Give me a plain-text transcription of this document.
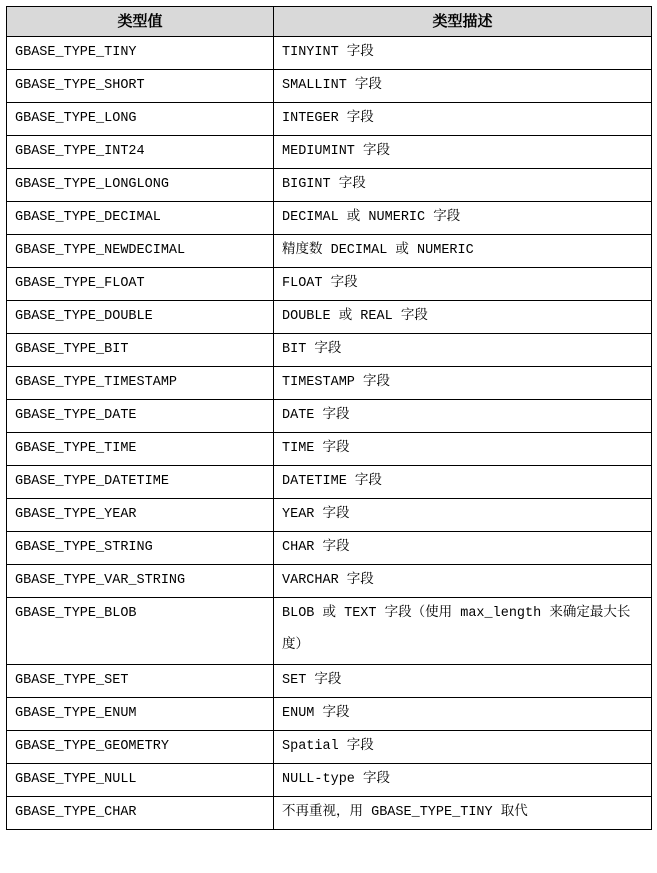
类型值	类型描述
GBASE_TYPE_TINY	TINYINT 字段
GBASE_TYPE_SHORT	SMALLINT 字段
GBASE_TYPE_LONG	INTEGER 字段
GBASE_TYPE_INT24	MEDIUMINT 字段
GBASE_TYPE_LONGLONG	BIGINT 字段
GBASE_TYPE_DECIMAL	DECIMAL 或 NUMERIC 字段
GBASE_TYPE_NEWDECIMAL	精度数 DECIMAL 或 NUMERIC
GBASE_TYPE_FLOAT	FLOAT 字段
GBASE_TYPE_DOUBLE	DOUBLE 或 REAL 字段
GBASE_TYPE_BIT	BIT 字段
GBASE_TYPE_TIMESTAMP	TIMESTAMP 字段
GBASE_TYPE_DATE	DATE 字段
GBASE_TYPE_TIME	TIME 字段
GBASE_TYPE_DATETIME	DATETIME 字段
GBASE_TYPE_YEAR	YEAR 字段
GBASE_TYPE_STRING	CHAR 字段
GBASE_TYPE_VAR_STRING	VARCHAR 字段
GBASE_TYPE_BLOB	BLOB 或 TEXT 字段（使用 max_length 来确定最大长度）
GBASE_TYPE_SET	SET 字段
GBASE_TYPE_ENUM	ENUM 字段
GBASE_TYPE_GEOMETRY	Spatial 字段
GBASE_TYPE_NULL	NULL-type 字段
GBASE_TYPE_CHAR	不再重视，用 GBASE_TYPE_TINY 取代
